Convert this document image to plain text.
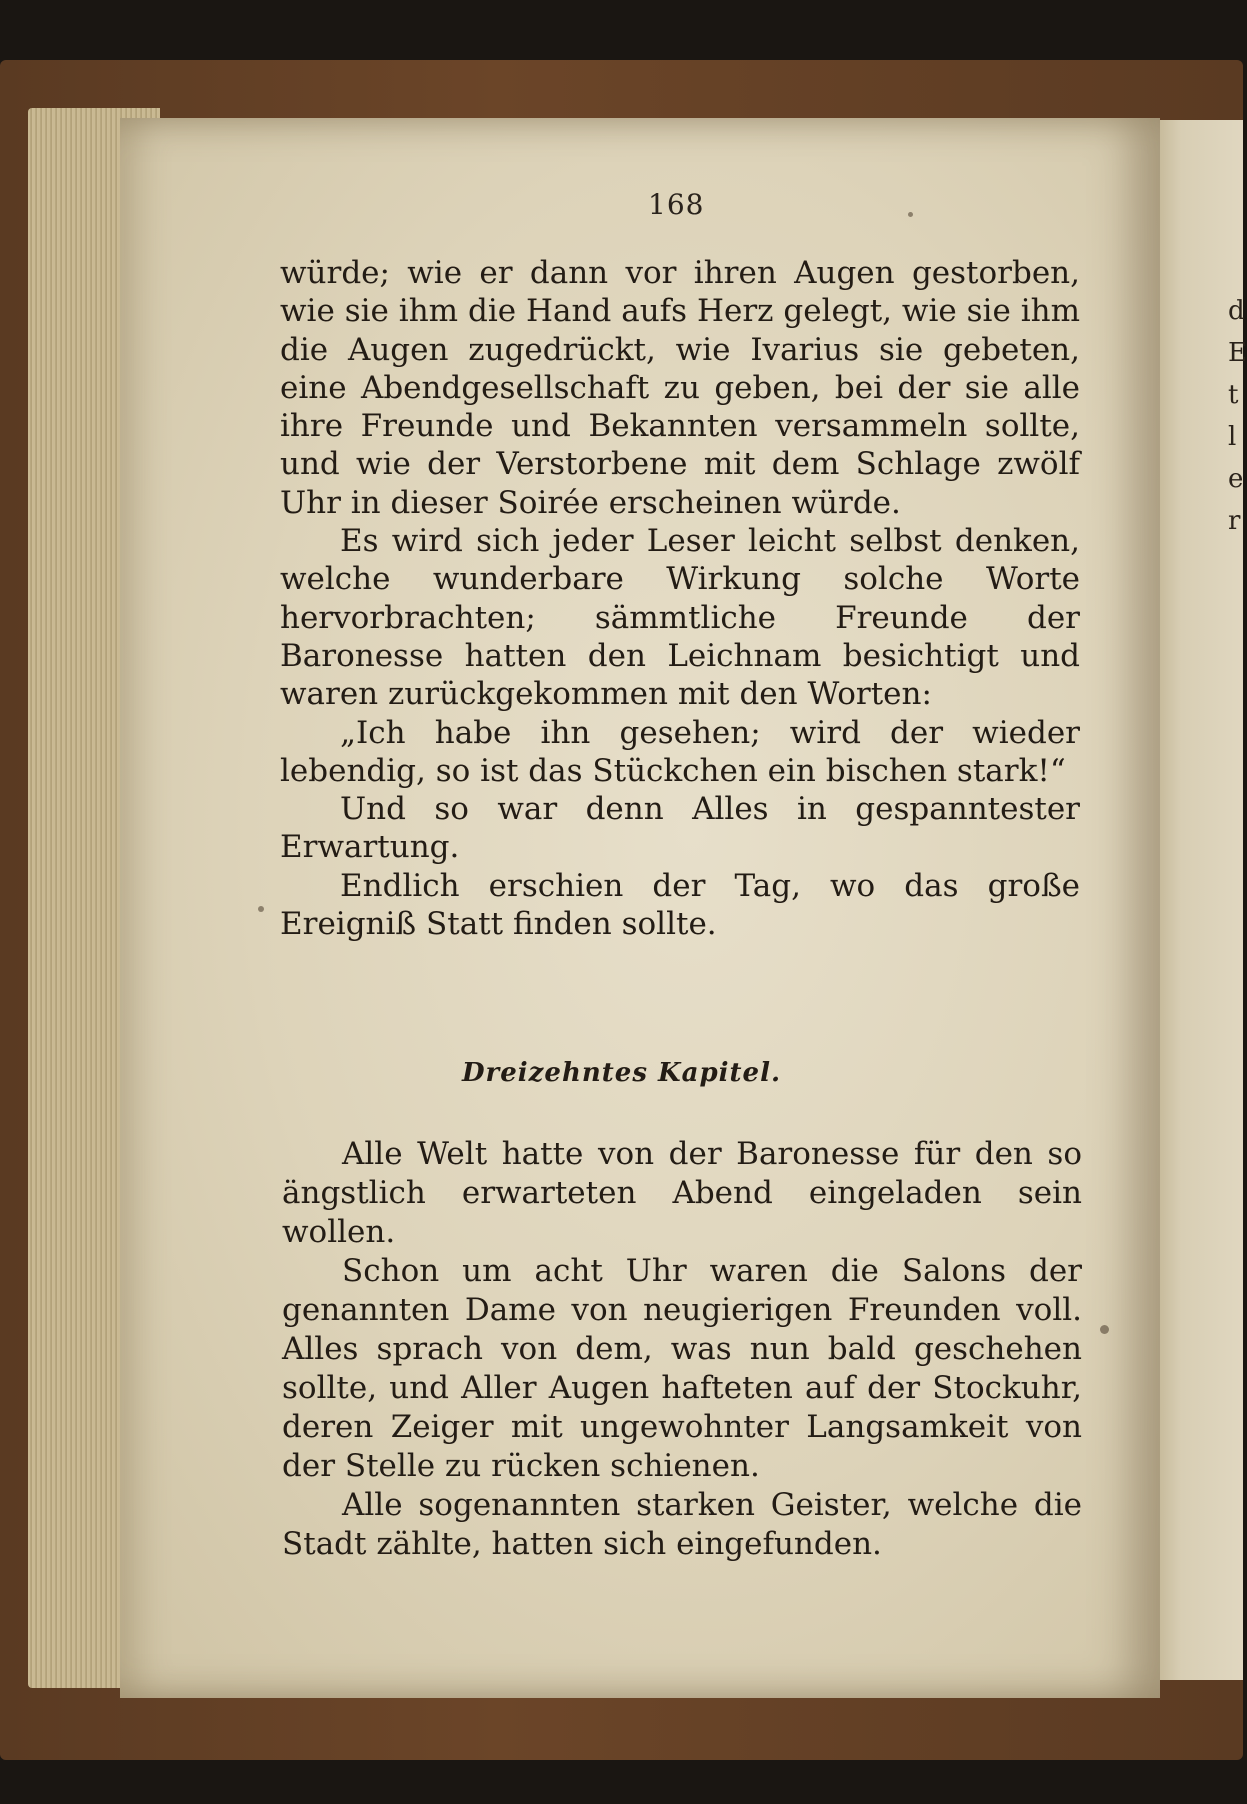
d
E
t
l
e
r
168

würde; wie er dann vor ihren Augen gestorben, wie sie ihm die Hand aufs Herz gelegt, wie sie ihm die Augen zugedrückt, wie Ivarius sie gebeten, eine Abendgesellschaft zu geben, bei der sie alle ihre Freunde und Bekannten versammeln sollte, und wie der Verstorbene mit dem Schlage zwölf Uhr in dieser Soirée erscheinen würde.

Es wird sich jeder Leser leicht selbst denken, welche wunderbare Wirkung solche Worte hervorbrachten; sämmtliche Freunde der Baronesse hatten den Leichnam besichtigt und waren zurückgekommen mit den Worten:

„Ich habe ihn gesehen; wird der wieder lebendig, so ist das Stückchen ein bischen stark!“

Und so war denn Alles in gespanntester Erwartung.

Endlich erschien der Tag, wo das große Ereigniß Statt finden sollte.

Dreizehntes Kapitel.

Alle Welt hatte von der Baronesse für den so ängstlich erwarteten Abend eingeladen sein wollen.

Schon um acht Uhr waren die Salons der genannten Dame von neugierigen Freunden voll. Alles sprach von dem, was nun bald geschehen sollte, und Aller Augen hafteten auf der Stockuhr, deren Zeiger mit ungewohnter Langsamkeit von der Stelle zu rücken schienen.

Alle sogenannten starken Geister, welche die Stadt zählte, hatten sich eingefunden.
